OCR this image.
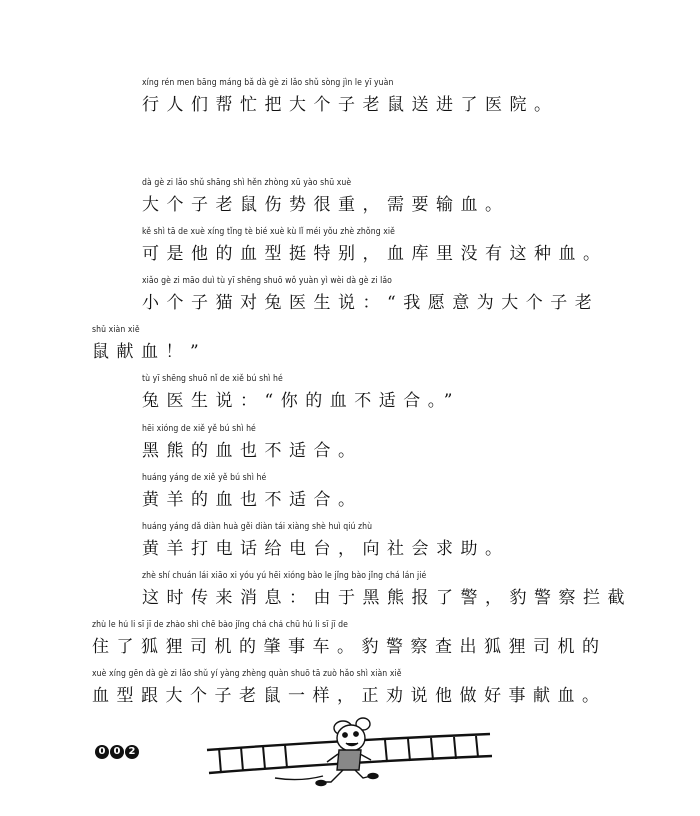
xíng rén men bāng máng bǎ dà gè zi lǎo shǔ sòng jìn le yī yuàn
行人们帮忙把大个子老鼠送进了医院。
dà gè zi lǎo shǔ shāng shì hěn zhòng xū yào shū xuè
大个子老鼠伤势很重，需要输血。
kě shì tā de xuè xíng tǐng tè bié xuè kù lǐ méi yǒu zhè zhǒng xiě
可是他的血型挺特别，血库里没有这种血。
xiǎo gè zi māo duì tù yī shēng shuō wǒ yuàn yì wèi dà gè zi lǎo
小个子猫对兔医生说：“我愿意为大个子老
shǔ xiàn xiě
鼠献血！”
tù yī shēng shuō nǐ de xiě bú shì hé
兔医生说：“你的血不适合。”
hēi xióng de xiě yě bú shì hé
黑熊的血也不适合。
huáng yáng de xiě yě bú shì hé
黄羊的血也不适合。
huáng yáng dǎ diàn huà gěi diàn tái xiàng shè huì qiú zhù
黄羊打电话给电台，向社会求助。
zhè shí chuán lái xiāo xi yóu yú hēi xióng bào le jǐng bào jǐng chá lán jié
这时传来消息：由于黑熊报了警，豹警察拦截
zhù le hú li sī jī de zhào shì chē bào jǐng chá chá chū hú li sī jī de
住了狐狸司机的肇事车。豹警察查出狐狸司机的
xuè xíng gēn dà gè zi lǎo shǔ yí yàng zhèng quàn shuō tā zuò hǎo shì xiàn xiě
血型跟大个子老鼠一样，正劝说他做好事献血。
0 0 2
